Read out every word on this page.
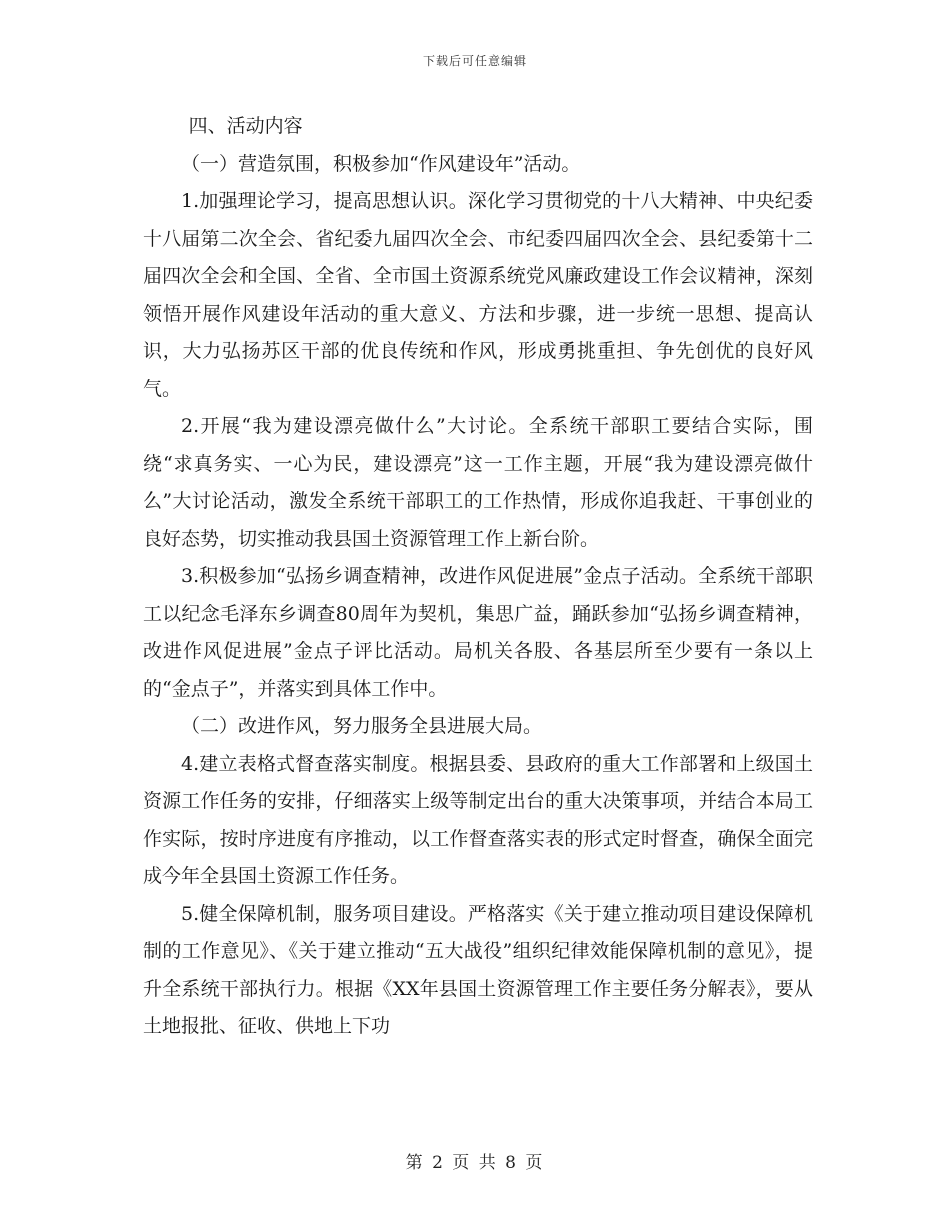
下载后可任意编辑

四、活动内容

（一）营造氛围，积极参加“作风建设年”活动。

1.加强理论学习，提高思想认识。深化学习贯彻党的十八大精神、中央纪委十八届第二次全会、省纪委九届四次全会、市纪委四届四次全会、县纪委第十二届四次全会和全国、全省、全市国土资源系统党风廉政建设工作会议精神，深刻领悟开展作风建设年活动的重大意义、方法和步骤，进一步统一思想、提高认识，大力弘扬苏区干部的优良传统和作风，形成勇挑重担、争先创优的良好风气。

2.开展“我为建设漂亮做什么”大讨论。全系统干部职工要结合实际，围绕“求真务实、一心为民，建设漂亮”这一工作主题，开展“我为建设漂亮做什么”大讨论活动，激发全系统干部职工的工作热情，形成你追我赶、干事创业的良好态势，切实推动我县国土资源管理工作上新台阶。

3.积极参加“弘扬乡调查精神，改进作风促进展”金点子活动。全系统干部职工以纪念毛泽东乡调查80周年为契机，集思广益，踊跃参加“弘扬乡调查精神，改进作风促进展”金点子评比活动。局机关各股、各基层所至少要有一条以上的“金点子”，并落实到具体工作中。

（二）改进作风，努力服务全县进展大局。

4.建立表格式督查落实制度。根据县委、县政府的重大工作部署和上级国土资源工作任务的安排，仔细落实上级等制定出台的重大决策事项，并结合本局工作实际，按时序进度有序推动，以工作督查落实表的形式定时督查，确保全面完成今年全县国土资源工作任务。

5.健全保障机制，服务项目建设。严格落实《关于建立推动项目建设保障机制的工作意见》、《关于建立推动“五大战役”组织纪律效能保障机制的意见》，提升全系统干部执行力。根据《XX年县国土资源管理工作主要任务分解表》，要从土地报批、征收、供地上下功

第 2 页 共 8 页
